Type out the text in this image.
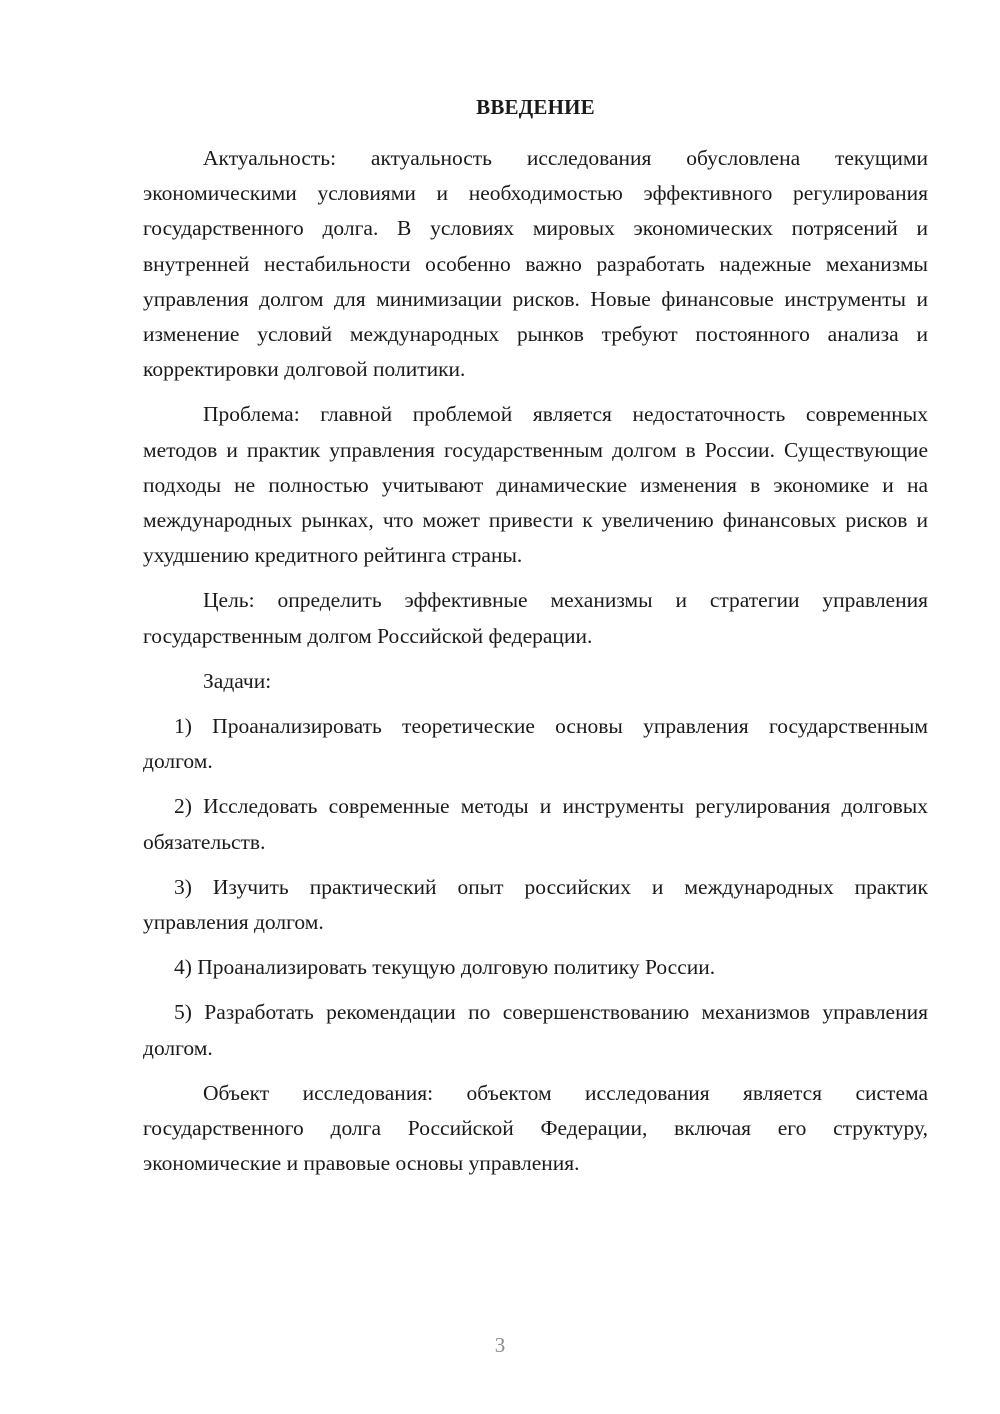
ВВЕДЕНИЕ

Актуальность: актуальность исследования обусловлена текущими экономическими условиями и необходимостью эффективного регулирования государственного долга. В условиях мировых экономических потрясений и внутренней нестабильности особенно важно разработать надежные механизмы управления долгом для минимизации рисков. Новые финансовые инструменты и изменение условий международных рынков требуют постоянного анализа и корректировки долговой политики.

Проблема: главной проблемой является недостаточность современных методов и практик управления государственным долгом в России. Существующие подходы не полностью учитывают динамические изменения в экономике и на международных рынках, что может привести к увеличению финансовых рисков и ухудшению кредитного рейтинга страны.

Цель: определить эффективные механизмы и стратегии управления государственным долгом Российской федерации.

Задачи:

1) Проанализировать теоретические основы управления государственным долгом.

2) Исследовать современные методы и инструменты регулирования долговых обязательств.

3) Изучить практический опыт российских и международных практик управления долгом.

4) Проанализировать текущую долговую политику России.

5) Разработать рекомендации по совершенствованию механизмов управления долгом.

Объект исследования: объектом исследования является система государственного долга Российской Федерации, включая его структуру, экономические и правовые основы управления.

3
